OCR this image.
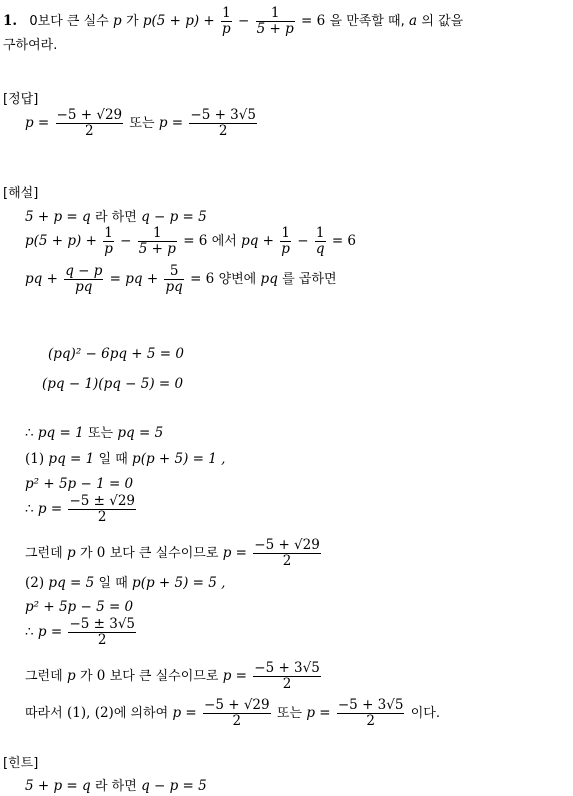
1. 0보다 큰 실수 p 가 $p(5 + p) + \frac{1}{p} - \frac{1}{5 + p} = 6$ 을 만족할 때, a 의 값을
구하여라.
[정답]
$p = \frac{-5 + √29}{2}$ 또는 $p = \frac{-5 + 3√5}{2}$
[해설]
5 + p = q 라 하면 q − p = 5
$p(5 + p) + \frac{1}{p} - \frac{1}{5 + p} = 6$ 에서 pq + $\frac{1}{p} - \frac{1}{q} = 6$
pq + $\frac{q - p}{pq}$ = pq + $\frac{5}{pq} = 6$ 양변에 pq 를 곱하면
(pq)² − 6pq + 5 = 0
(pq − 1)(pq − 5) = 0
∴ pq = 1 또는 pq = 5
(1) pq = 1 일 때 p(p + 5) = 1 ,
p² + 5p − 1 = 0
∴ $p = \frac{-5 \pm √29}{2}$
그런데 p 가 0 보다 큰 실수이므로 $p = \frac{-5 + √29}{2}$
(2) pq = 5 일 때 p(p + 5) = 5 ,
p² + 5p − 5 = 0
∴ $p = \frac{-5 \pm 3√5}{2}$
그런데 p 가 0 보다 큰 실수이므로 $p = \frac{-5 + 3√5}{2}$
따라서 (1), (2)에 의하여 $p = \frac{-5 + √29}{2}$ 또는 $p = \frac{-5 + 3√5}{2}$ 이다.
[힌트]
5 + p = q 라 하면 q − p = 5
